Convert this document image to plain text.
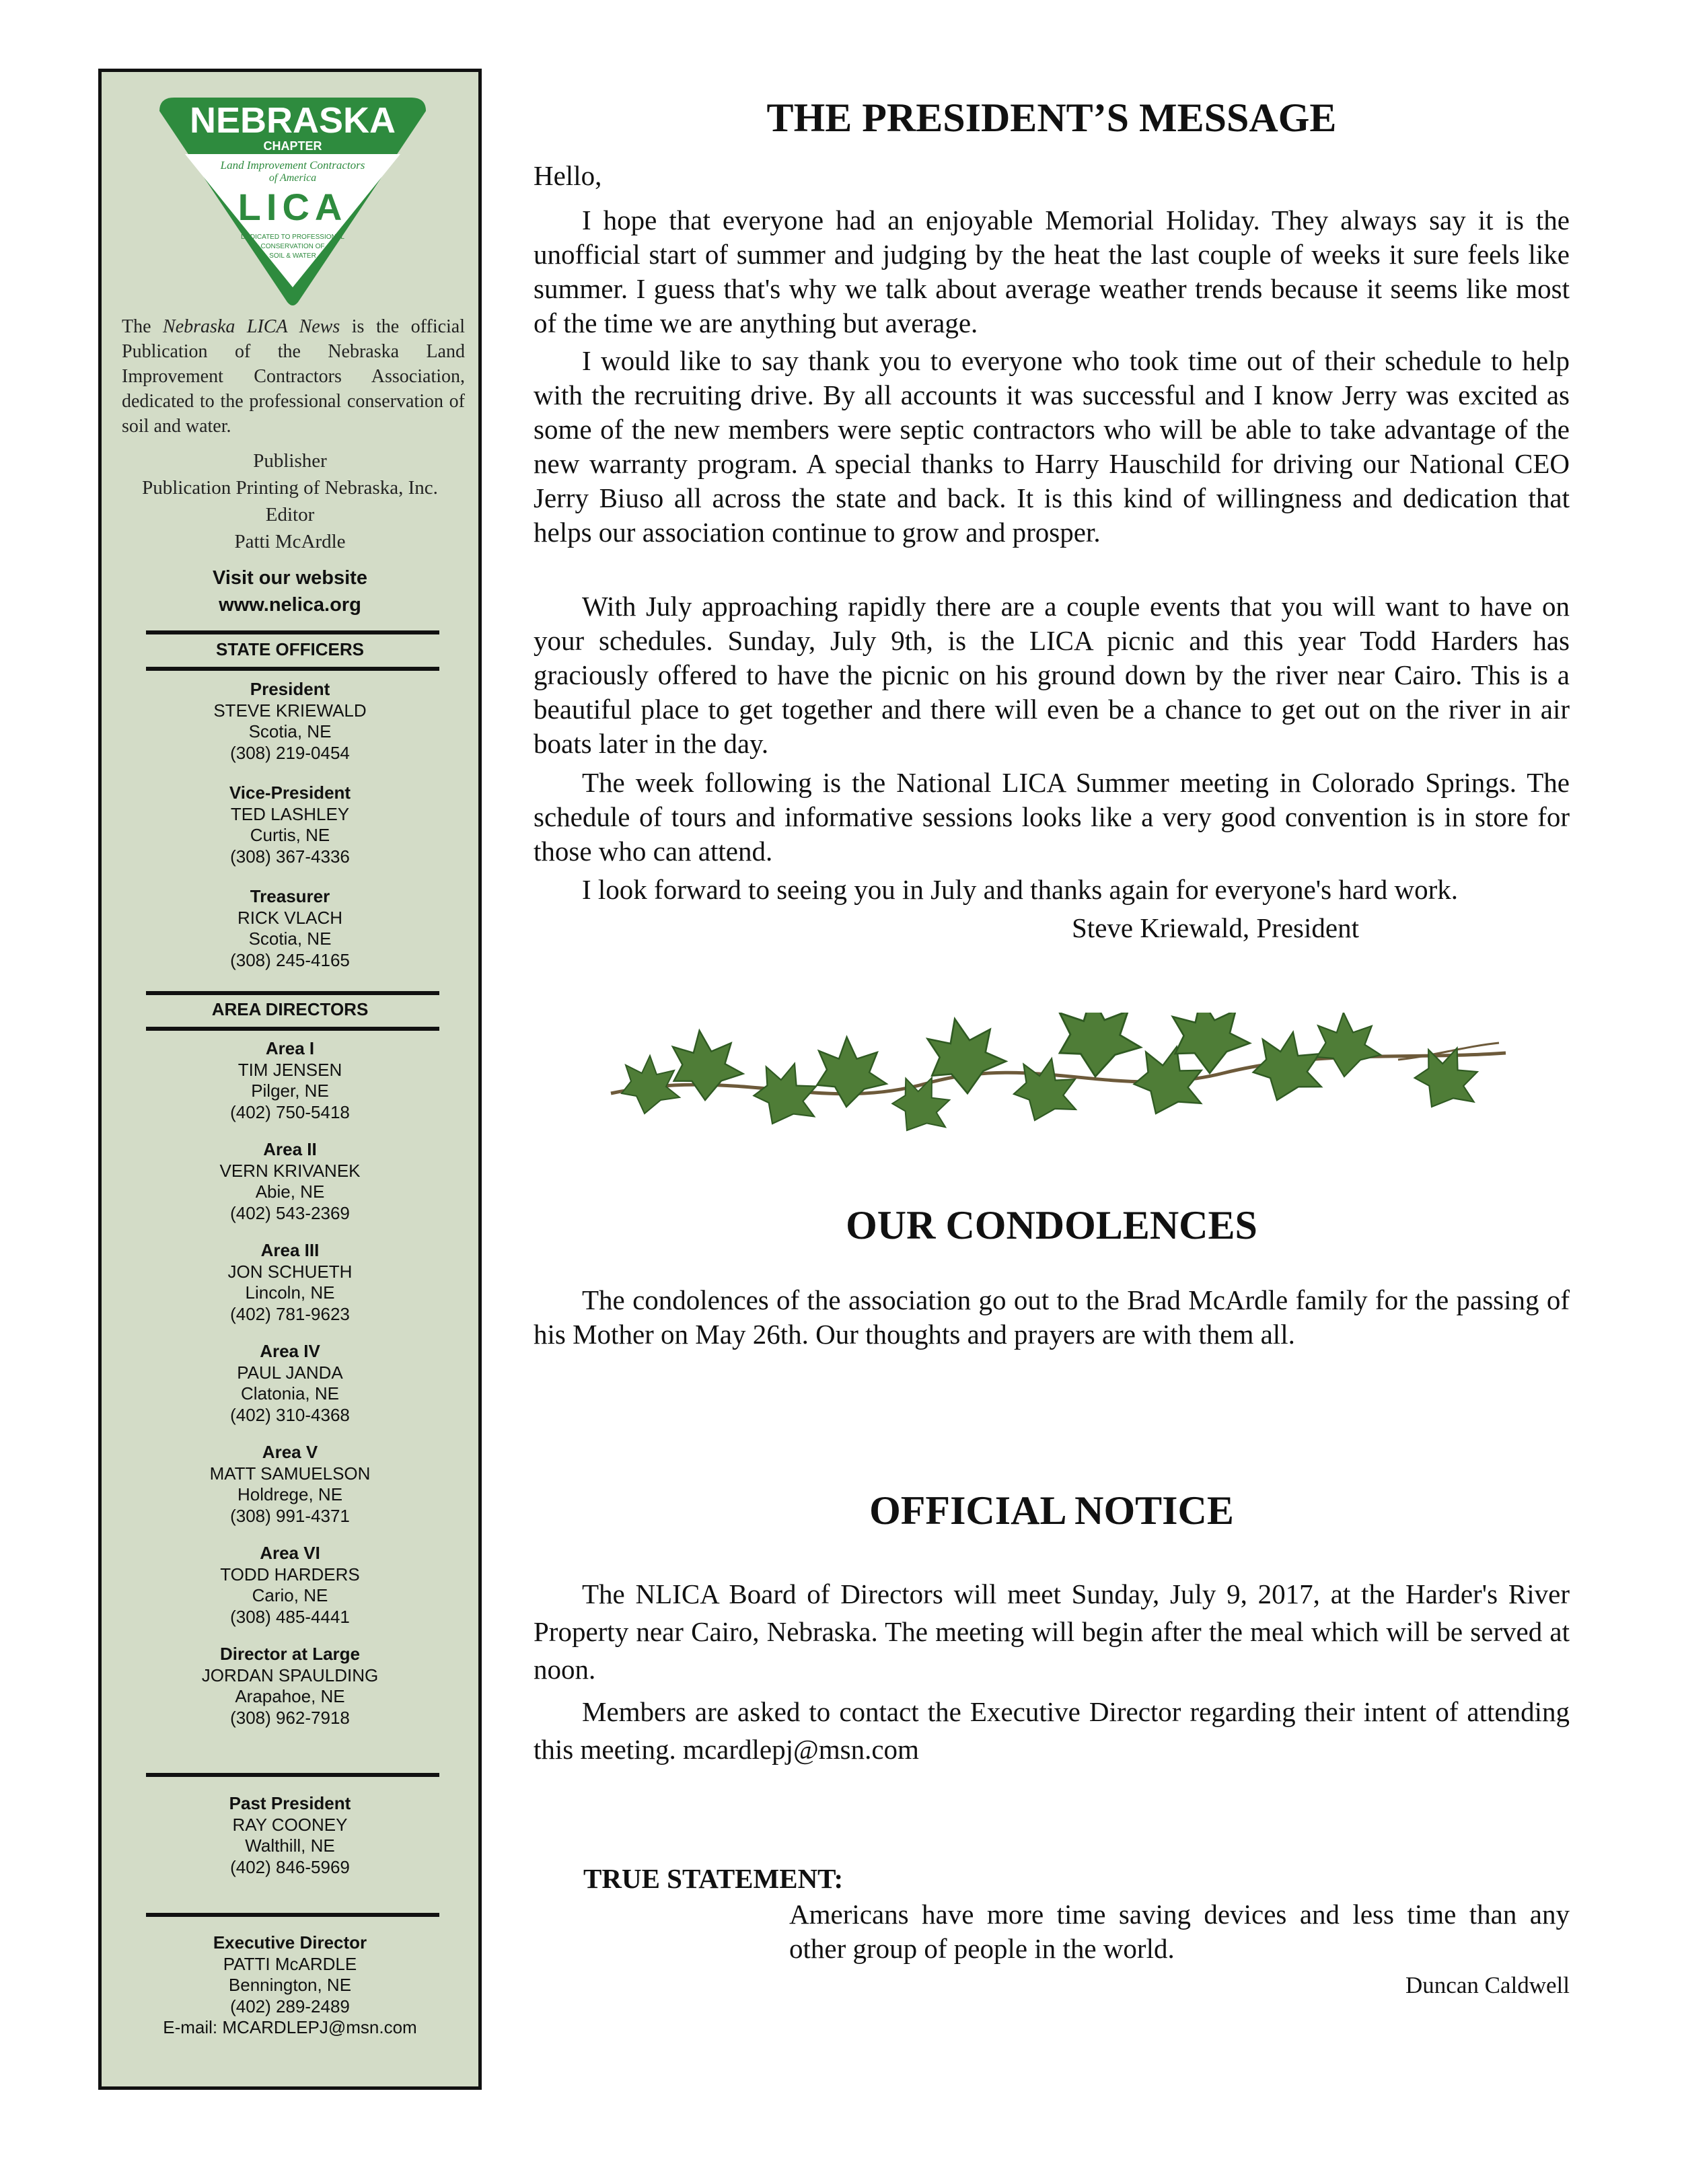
NEBRASKA
CHAPTER
Land Improvement Contractors
of America
LICA
DEDICATED TO PROFESSIONAL
CONSERVATION OF
SOIL & WATER
The Nebraska LICA News is the official Publication of the Nebraska Land Improvement Contractors Association, dedicated to the professional conservation of soil and water.
Publisher
Publication Printing of Nebraska, Inc.
Editor
Patti McArdle
Visit our website
www.nelica.org
STATE OFFICERS
President
STEVE KRIEWALD
Scotia, NE
(308) 219-0454
Vice-President
TED LASHLEY
Curtis, NE
(308) 367-4336
Treasurer
RICK VLACH
Scotia, NE
(308) 245-4165
AREA DIRECTORS
Area I
TIM JENSEN
Pilger, NE
(402) 750-5418
Area II
VERN KRIVANEK
Abie, NE
(402) 543-2369
Area III
JON SCHUETH
Lincoln, NE
(402) 781-9623
Area IV
PAUL JANDA
Clatonia, NE
(402) 310-4368
Area V
MATT SAMUELSON
Holdrege, NE
(308) 991-4371
Area VI
TODD HARDERS
Cario, NE
(308) 485-4441
Director at Large
JORDAN SPAULDING
Arapahoe, NE
(308) 962-7918
Past President
RAY COONEY
Walthill, NE
(402) 846-5969
Executive Director
PATTI McARDLE
Bennington, NE
(402) 289-2489
E-mail: MCARDLEPJ@msn.com
THE PRESIDENT’S MESSAGE

Hello,

I hope that everyone had an enjoyable Memorial Holiday. They always say it is the unofficial start of summer and judging by the heat the last couple of weeks it sure feels like summer. I guess that's why we talk about average weather trends because it seems like most of the time we are anything but average.

I would like to say thank you to everyone who took time out of their schedule to help with the recruiting drive. By all accounts it was successful and I know Jerry was excited as some of the new members were septic contractors who will be able to take advantage of the new warranty program. A special thanks to Harry Hauschild for driving our National CEO Jerry Biuso all across the state and back. It is this kind of willingness and dedication that helps our association continue to grow and prosper.

With July approaching rapidly there are a couple events that you will want to have on your schedules. Sunday, July 9th, is the LICA picnic and this year Todd Harders has graciously offered to have the picnic on his ground down by the river near Cairo. This is a beautiful place to get together and there will even be a chance to get out on the river in air boats later in the day.

The week following is the National LICA Summer meeting in Colorado Springs. The schedule of tours and informative sessions looks like a very good convention is in store for those who can attend.

I look forward to seeing you in July and thanks again for everyone's hard work.

Steve Kriewald, President
OUR CONDOLENCES

The condolences of the association go out to the Brad McArdle family for the passing of his Mother on May 26th. Our thoughts and prayers are with them all.

OFFICIAL NOTICE

The NLICA Board of Directors will meet Sunday, July 9, 2017, at the Harder's River Property near Cairo, Nebraska. The meeting will begin after the meal which will be served at noon.

Members are asked to contact the Executive Director regarding their intent of attending this meeting. mcardlepj@msn.com

TRUE STATEMENT:
Americans have more time saving devices and less time than any other group of people in the world.
Duncan Caldwell
